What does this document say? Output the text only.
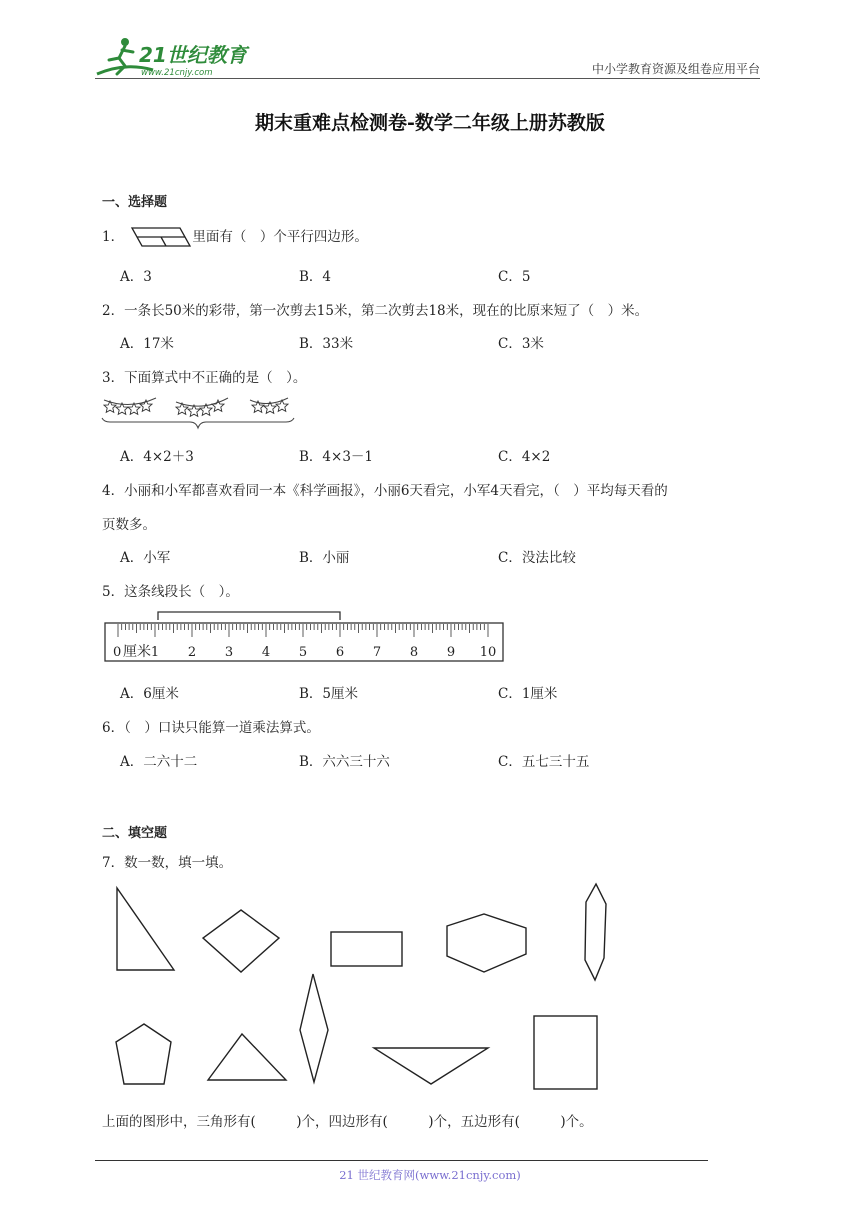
21世纪教育
www.21cnjy.com	中小学教育资源及组卷应用平台
期末重难点检测卷-数学二年级上册苏教版
一、选择题
1．	里面有（　）个平行四边形。
A．3	B．4	C．5
2．一条长50米的彩带，第一次剪去15米，第二次剪去18米，现在的比原来短了（　）米。
A．17米	B．33米	C．3米
3．下面算式中不正确的是（　）。
A．4×2＋3	B．4×3－1	C．4×2
4．小丽和小军都喜欢看同一本《科学画报》，小丽6天看完，小军4天看完，（　）平均每天看的
页数多。
A．小军	B．小丽	C．没法比较
5．这条线段长（　）。
0 厘米 1 2 3 4 5 6 7 8 9 10
A．6厘米	B．5厘米	C．1厘米
6．（　）口诀只能算一道乘法算式。
A．二六十二	B．六六三十六	C．五七三十五
二、填空题
7．数一数，填一填。
上面的图形中，三角形有(　　　)个，四边形有(　　　)个，五边形有(　　　)个。
21 世纪教育网(www.21cnjy.com)
